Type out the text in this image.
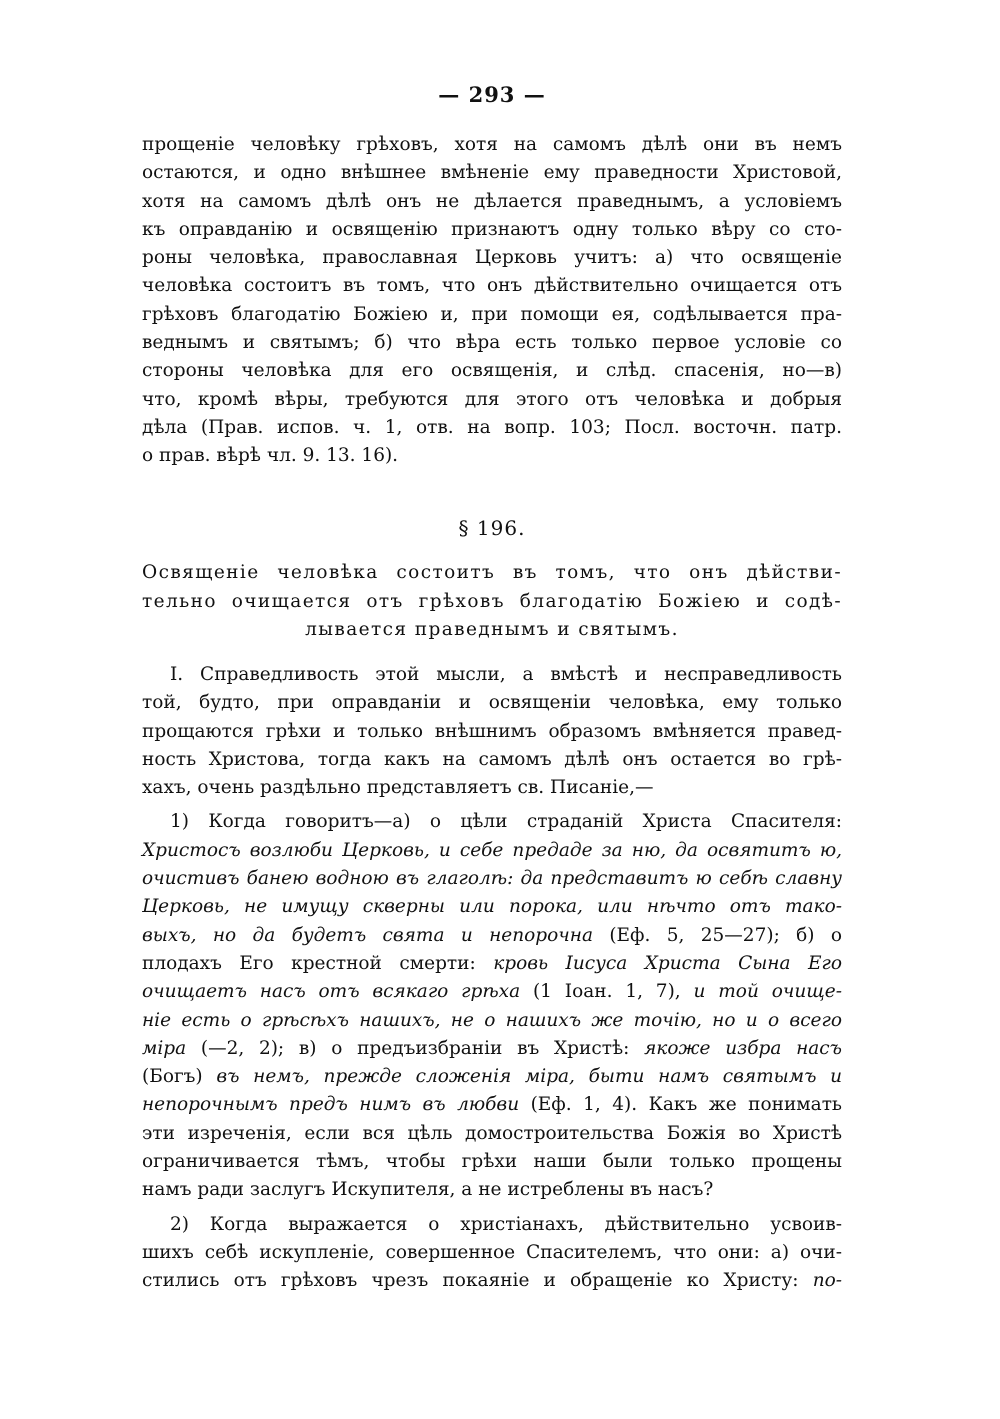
— 293 —
прощеніе человѣку грѣховъ, хотя на самомъ дѣлѣ они въ немъ
остаются, и одно внѣшнее вмѣненіе ему праведности Христовой,
хотя на самомъ дѣлѣ онъ не дѣлается праведнымъ, а условіемъ
къ оправданію и освященію признаютъ одну только вѣру со сто-
роны человѣка, православная Церковь учитъ: а) что освященіе
человѣка состоитъ въ томъ, что онъ дѣйствительно очищается отъ
грѣховъ благодатію Божіею и, при помощи ея, содѣлывается пра-
веднымъ и святымъ; б) что вѣра есть только первое условіе со
стороны человѣка для его освященія, и слѣд. спасенія, но—в)
что, кромѣ вѣры, требуются для этого отъ человѣка и добрыя
дѣла (Прав. испов. ч. 1, отв. на вопр. 103; Посл. восточн. патр.
о прав. вѣрѣ чл. 9. 13. 16).
§ 196.
Освященіе человѣка состоитъ въ томъ, что онъ дѣйстви-
тельно очищается отъ грѣховъ благодатію Божіею и содѣ-
лывается праведнымъ и святымъ.
I. Справедливость этой мысли, а вмѣстѣ и несправедливость
той, будто, при оправданіи и освященіи человѣка, ему только
прощаются грѣхи и только внѣшнимъ образомъ вмѣняется правед-
ность Христова, тогда какъ на самомъ дѣлѣ онъ остается во грѣ-
хахъ, очень раздѣльно представляетъ св. Писаніе,—
1) Когда говоритъ—а) о цѣли страданій Христа Спасителя:
Христосъ возлюби Церковь, и себе предаде за ню, да освятитъ ю,
очистивъ банею водною въ глаголѣ: да представитъ ю себѣ славну
Церковь, не имущу скверны или порока, или нѣчто отъ тако-
выхъ, но да будетъ свята и непорочна (Еф. 5, 25—27); б) о
плодахъ Его крестной смерти: кровь Іисуса Христа Сына Его
очищаетъ насъ отъ всякаго грѣха (1 Іоан. 1, 7), и той очище-
ніе есть о грѣсѣхъ нашихъ, не о нашихъ же точію, но и о всего
міра (—2, 2); в) о предъизбраніи въ Христѣ: якоже избра насъ
(Богъ) въ немъ, прежде сложенія міра, быти намъ святымъ и
непорочнымъ предъ нимъ въ любви (Еф. 1, 4). Какъ же понимать
эти изреченія, если вся цѣль домостроительства Божія во Христѣ
ограничивается тѣмъ, чтобы грѣхи наши были только прощены
намъ ради заслугъ Искупителя, а не истреблены въ насъ?
2) Когда выражается о христіанахъ, дѣйствительно усвоив-
шихъ себѣ искупленіе, совершенное Спасителемъ, что они: а) очи-
стились отъ грѣховъ чрезъ покаяніе и обращеніе ко Христу: по-
